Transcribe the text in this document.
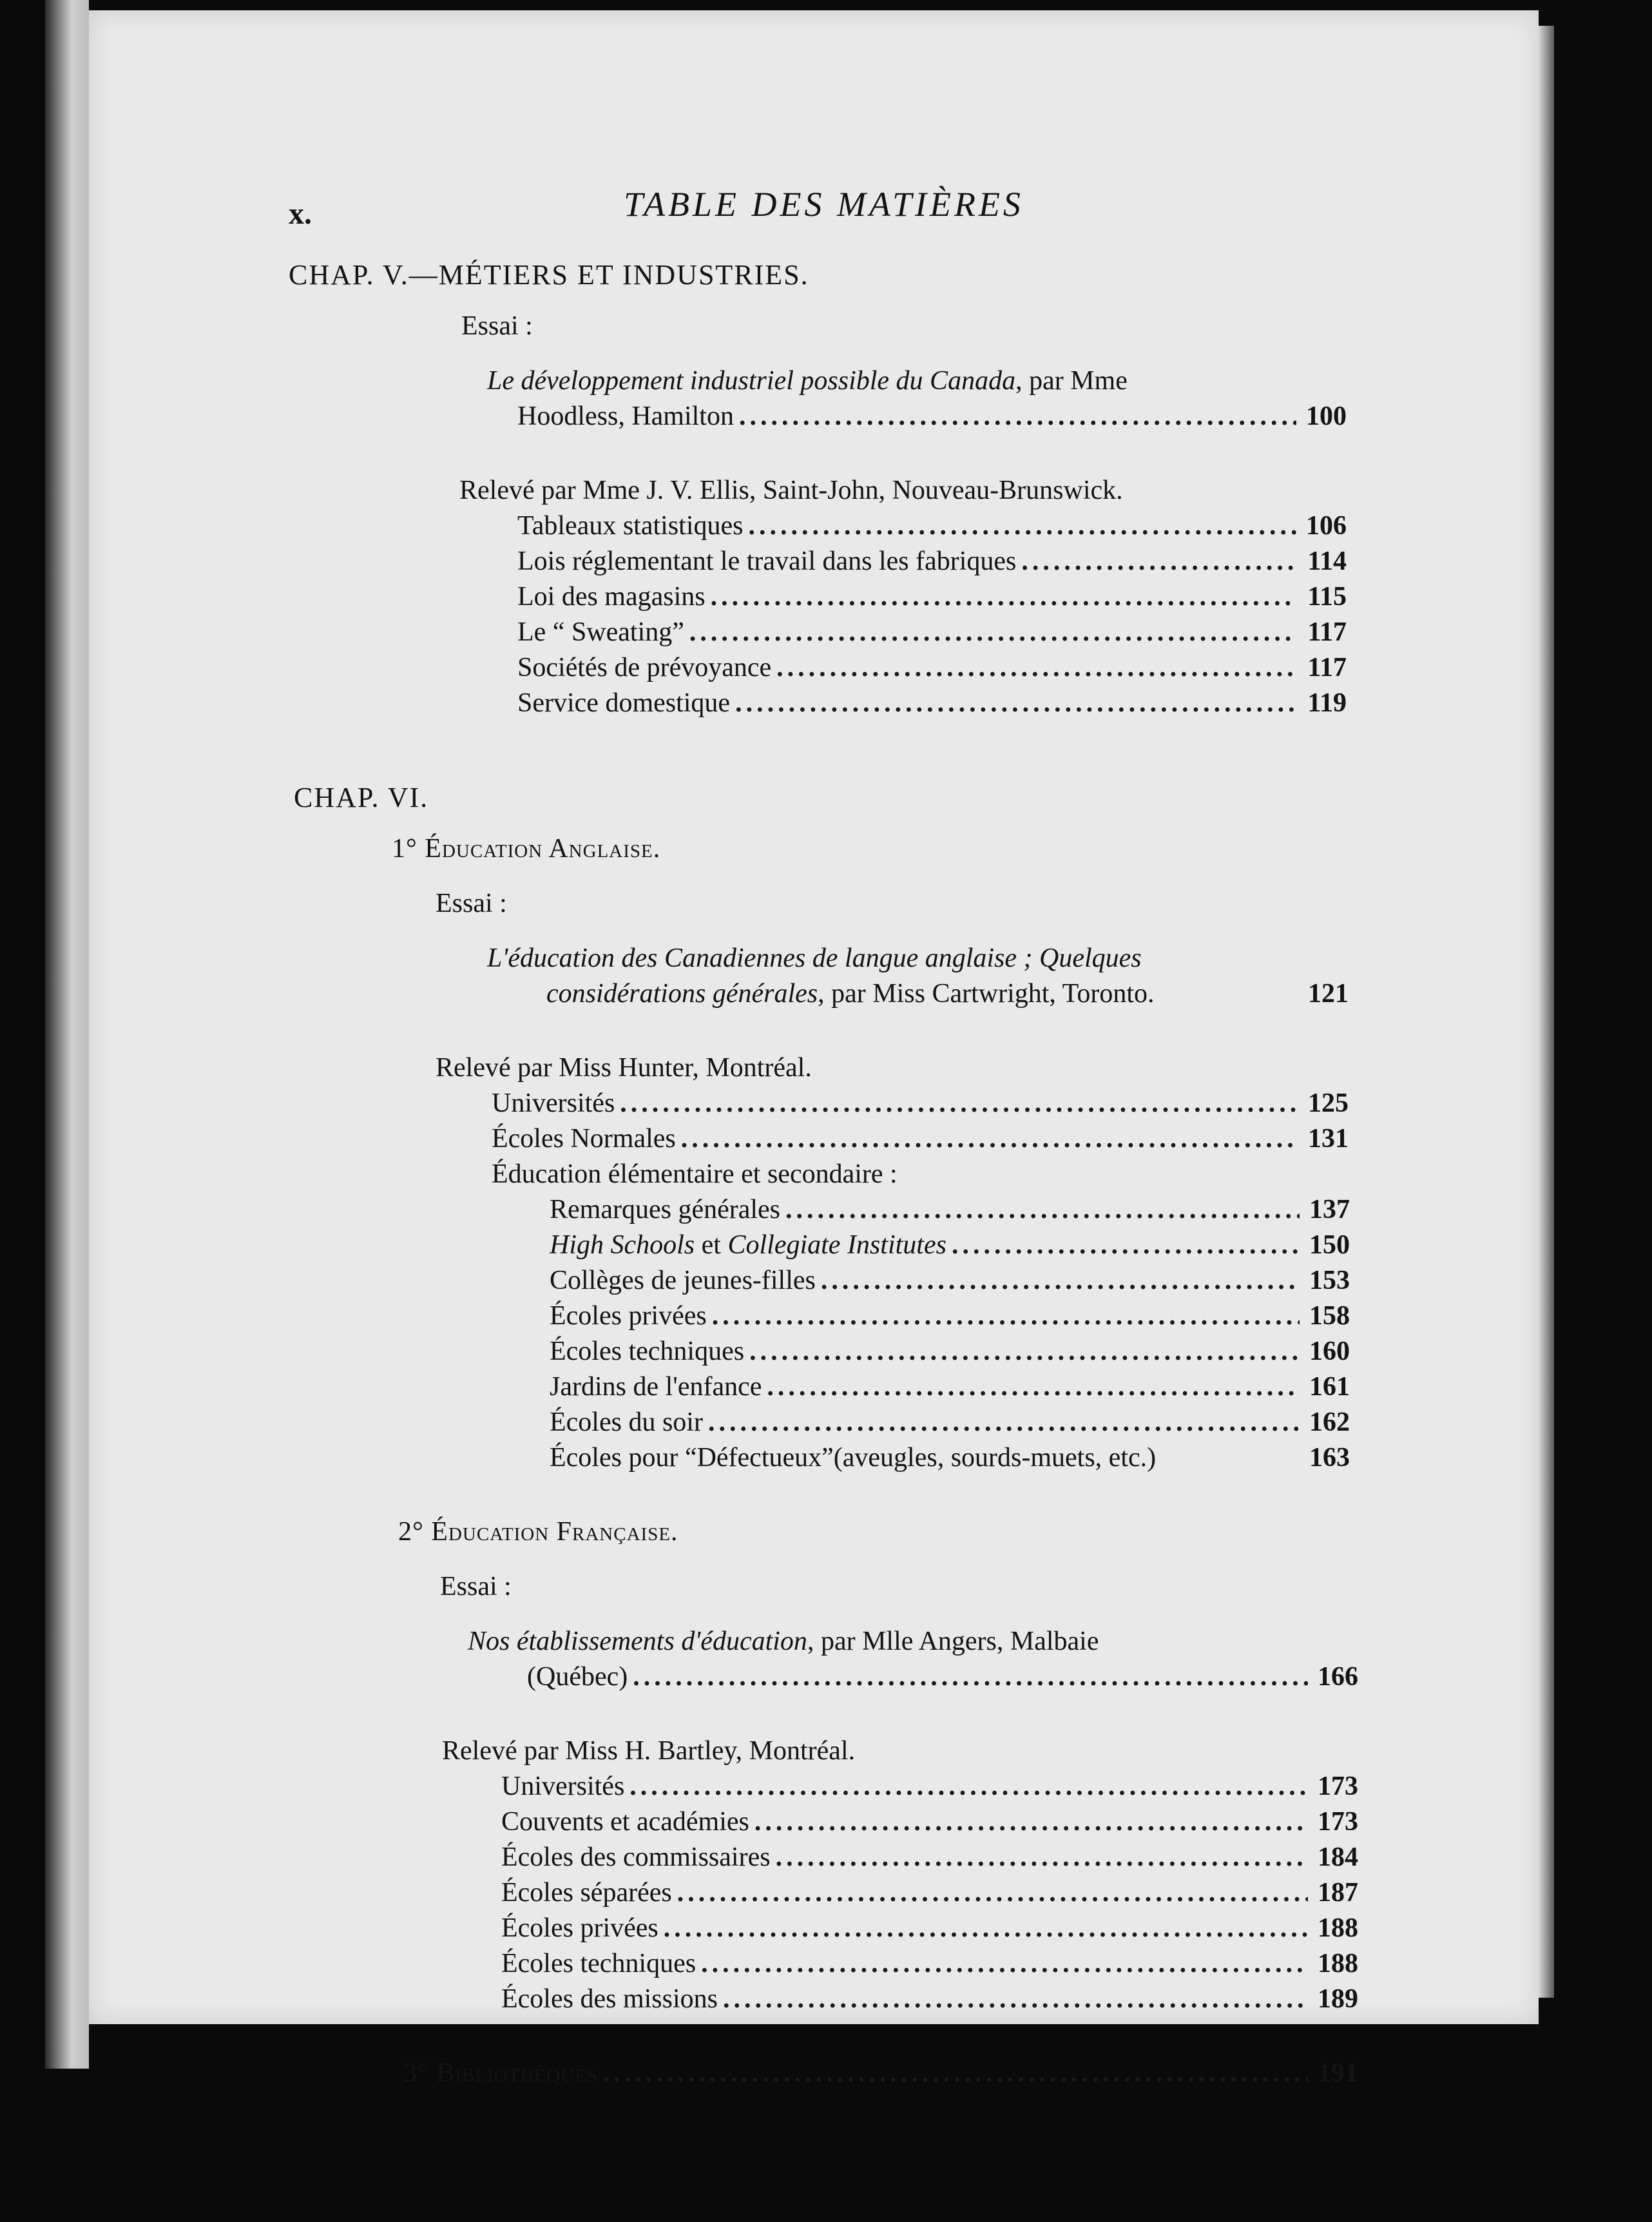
x.	TABLE DES MATIÈRES
CHAP. V.—MÉTIERS ET INDUSTRIES.
Essai :
Le développement industriel possible du Canada, par Mme
Hoodless, Hamilton .....	100
Relevé par Mme J. V. Ellis, Saint-John, Nouveau-Brunswick.
Tableaux statistiques .....	106
Lois réglementant le travail dans les fabriques .....	114
Loi des magasins .....	115
Le “ Sweating” .....	117
Sociétés de prévoyance .....	117
Service domestique .....	119
CHAP. VI.
1° Éducation Anglaise.
Essai :
L'éducation des Canadiennes de langue anglaise ; Quelques
considérations générales, par Miss Cartwright, Toronto.	121
Relevé par Miss Hunter, Montréal.
Universités .....	125
Écoles Normales .....	131
Éducation élémentaire et secondaire :
Remarques générales .....	137
High Schools et Collegiate Institutes .....	150
Collèges de jeunes-filles .....	153
Écoles privées .....	158
Écoles techniques .....	160
Jardins de l'enfance .....	161
Écoles du soir .....	162
Écoles pour “Défectueux”(aveugles, sourds-muets, etc.)	163
2° Éducation Française.
Essai :
Nos établissements d'éducation, par Mlle Angers, Malbaie
(Québec) .....	166
Relevé par Miss H. Bartley, Montréal.
Universités .....	173
Couvents et académies .....	173
Écoles des commissaires .....	184
Écoles séparées .....	187
Écoles privées .....	188
Écoles techniques .....	188
Écoles des missions .....	189
3° Bibliothèques .....	191
